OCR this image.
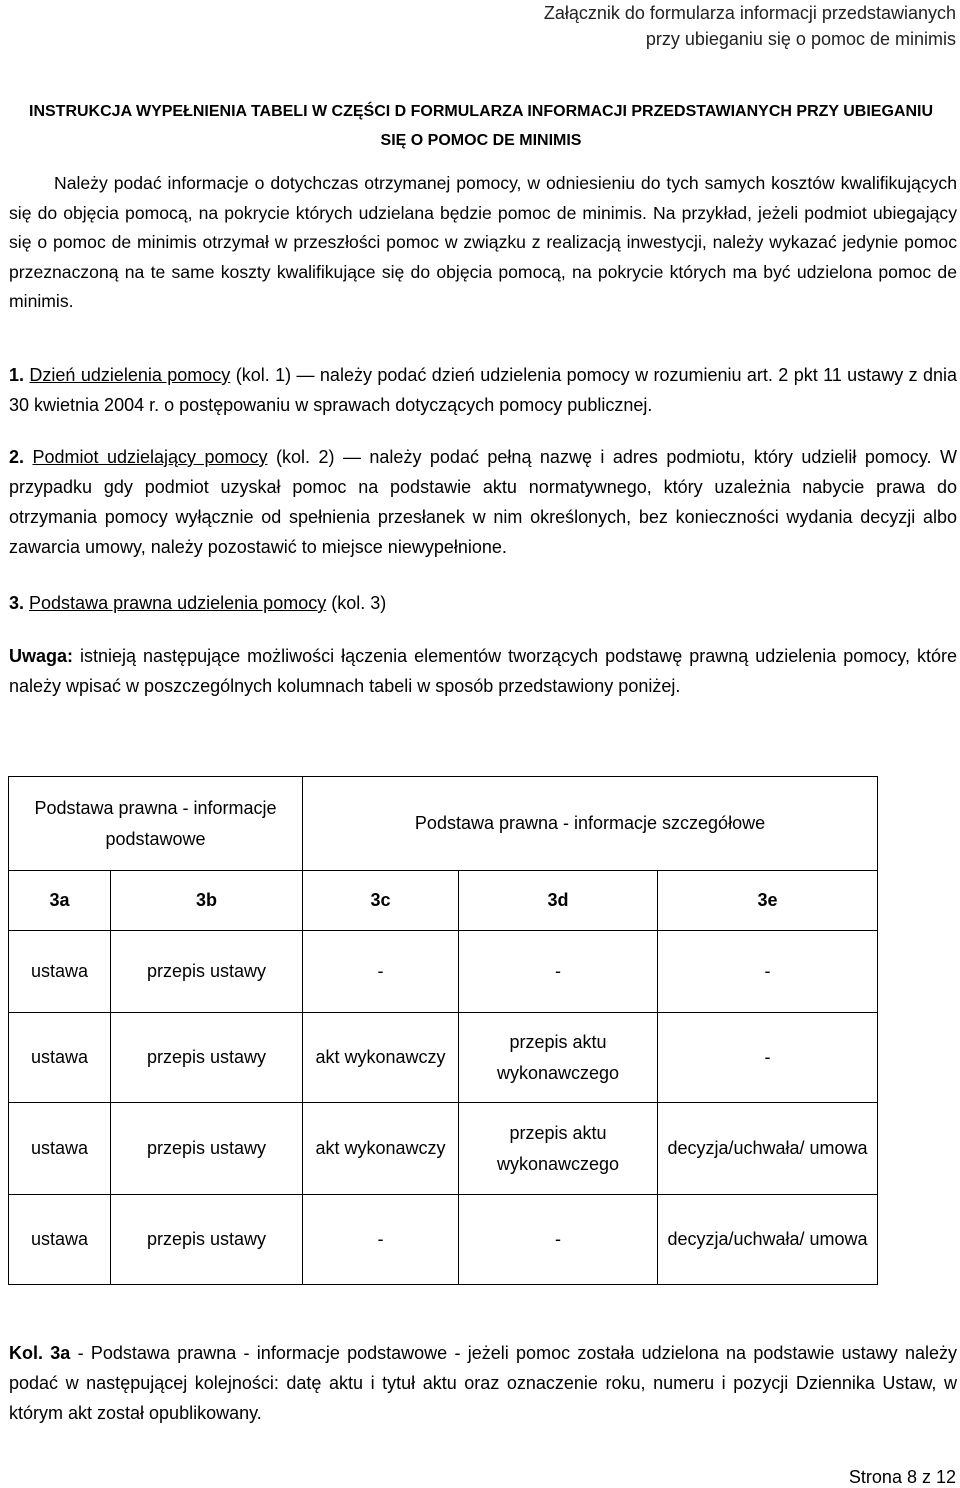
Załącznik do formularza informacji przedstawianych
przy ubieganiu się o pomoc de minimis
INSTRUKCJA WYPEŁNIENIA TABELI W CZĘŚCI D FORMULARZA INFORMACJI PRZEDSTAWIANYCH PRZY UBIEGANIU
SIĘ O POMOC DE MINIMIS
Należy podać informacje o dotychczas otrzymanej pomocy, w odniesieniu do tych samych kosztów kwalifikujących się do objęcia pomocą, na pokrycie których udzielana będzie pomoc de minimis. Na przykład, jeżeli podmiot ubiegający się o pomoc de minimis otrzymał w przeszłości pomoc w związku z realizacją inwestycji, należy wykazać jedynie pomoc przeznaczoną na te same koszty kwalifikujące się do objęcia pomocą, na pokrycie których ma być udzielona pomoc de minimis.
1. Dzień udzielenia pomocy (kol. 1) — należy podać dzień udzielenia pomocy w rozumieniu art. 2 pkt 11 ustawy z dnia 30 kwietnia 2004 r. o postępowaniu w sprawach dotyczących pomocy publicznej.
2. Podmiot udzielający pomocy (kol. 2) — należy podać pełną nazwę i adres podmiotu, który udzielił pomocy. W przypadku gdy podmiot uzyskał pomoc na podstawie aktu normatywnego, który uzależnia nabycie prawa do otrzymania pomocy wyłącznie od spełnienia przesłanek w nim określonych, bez konieczności wydania decyzji albo zawarcia umowy, należy pozostawić to miejsce niewypełnione.
3. Podstawa prawna udzielenia pomocy (kol. 3)
Uwaga: istnieją następujące możliwości łączenia elementów tworzących podstawę prawną udzielenia pomocy, które należy wpisać w poszczególnych kolumnach tabeli w sposób przedstawiony poniżej.
Podstawa prawna - informacje podstawowe		Podstawa prawna - informacje szczegółowe		
3a	3b	3c	3d	3e
ustawa	przepis ustawy	-	-	-
ustawa	przepis ustawy	akt wykonawczy	przepis aktu wykonawczego	-
ustawa	przepis ustawy	akt wykonawczy	przepis aktu wykonawczego	decyzja/uchwała/ umowa
ustawa	przepis ustawy	-	-	decyzja/uchwała/ umowa
Kol. 3a - Podstawa prawna - informacje podstawowe - jeżeli pomoc została udzielona na podstawie ustawy należy podać w następującej kolejności: datę aktu i tytuł aktu oraz oznaczenie roku, numeru i pozycji Dziennika Ustaw, w którym akt został opublikowany.
Strona 8 z 12
